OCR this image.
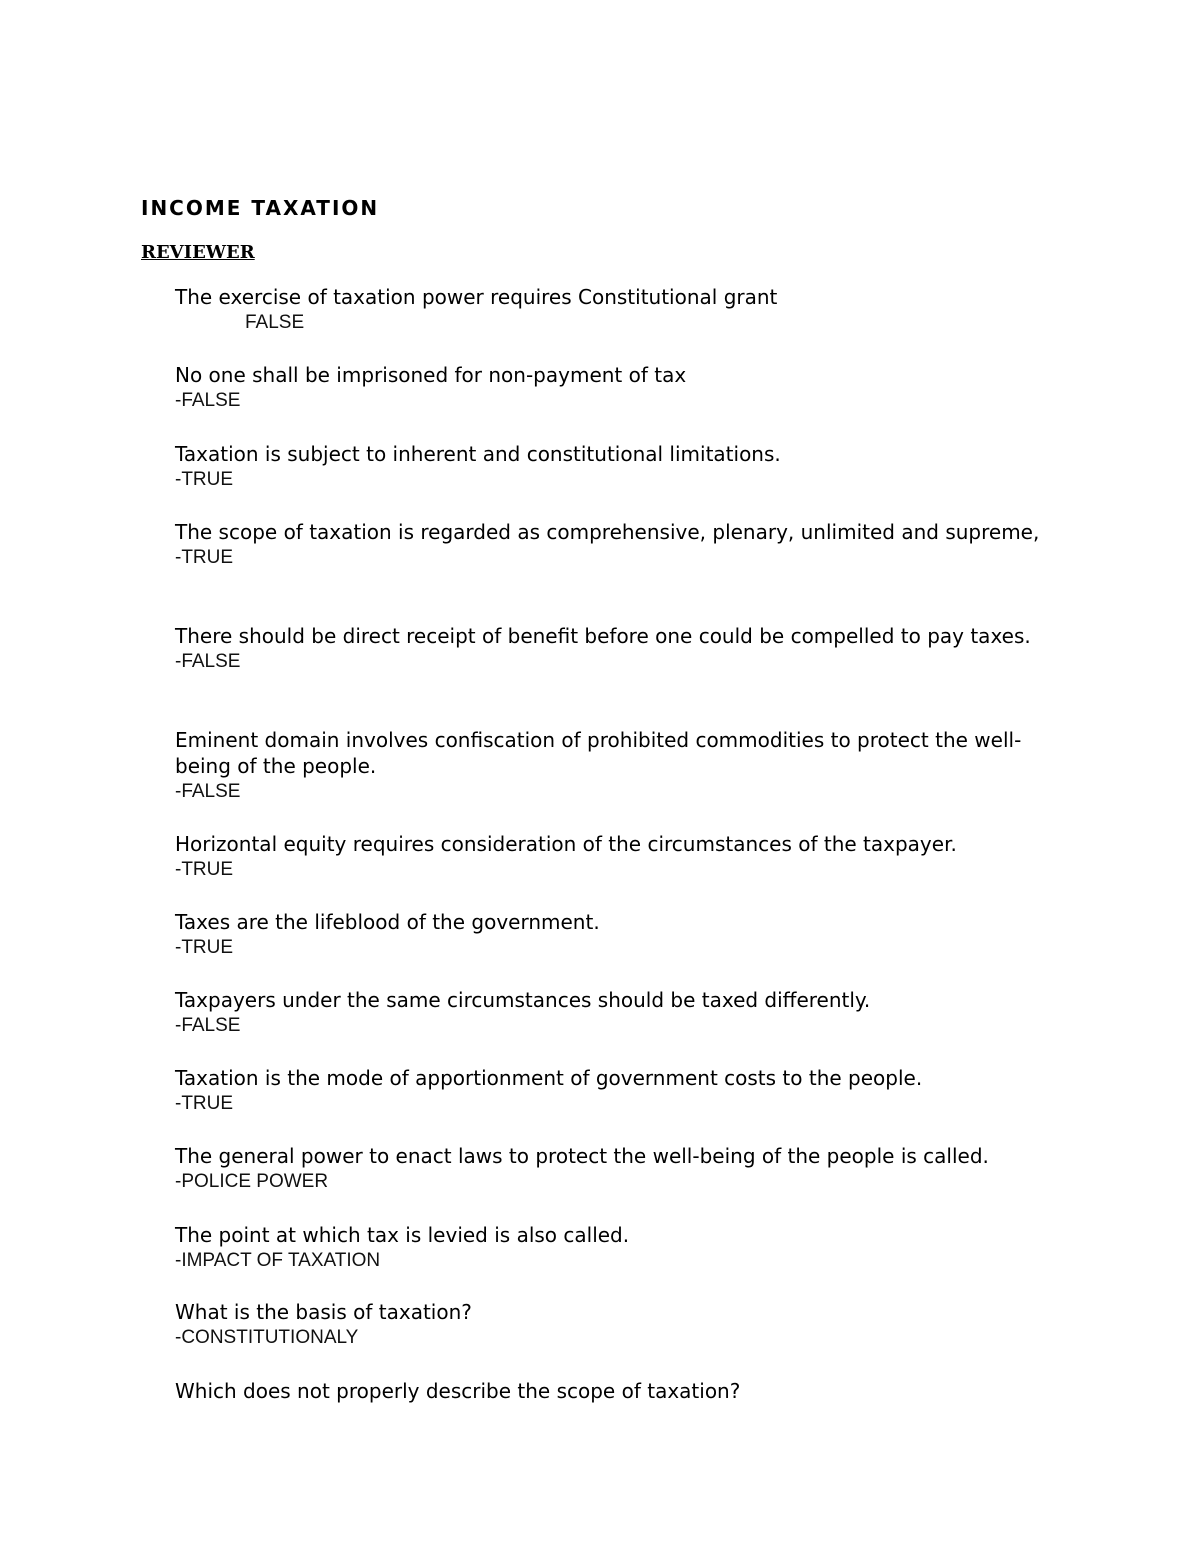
INCOME TAXATION
REVIEWER

The exercise of taxation power requires Constitutional grant

FALSE

No one shall be imprisoned for non-payment of tax

-FALSE

Taxation is subject to inherent and constitutional limitations.

-TRUE

The scope of taxation is regarded as comprehensive, plenary, unlimited and supreme,

-TRUE

There should be direct receipt of benefit before one could be compelled to pay taxes.

-FALSE

Eminent domain involves confiscation of prohibited commodities to protect the well-being of the people.

-FALSE

Horizontal equity requires consideration of the circumstances of the taxpayer.

-TRUE

Taxes are the lifeblood of the government.

-TRUE

Taxpayers under the same circumstances should be taxed differently.

-FALSE

Taxation is the mode of apportionment of government costs to the people.

-TRUE

The general power to enact laws to protect the well-being of the people is called.

-POLICE POWER

The point at which tax is levied is also called.

-IMPACT OF TAXATION

What is the basis of taxation?

-CONSTITUTIONALY

Which does not properly describe the scope of taxation?
